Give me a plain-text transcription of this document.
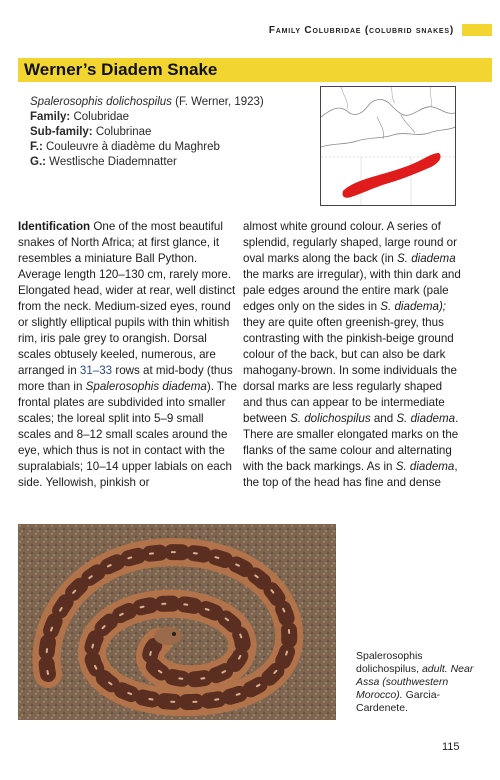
Family Colubridae (colubrid snakes)
Werner’s Diadem Snake
Spalerosophis dolichospilus (F. Werner, 1923)
Family: Colubridae
Sub-family: Colubrinae
F.: Couleuvre à diadème du Maghreb
G.: Westlische Diademnatter
Identification One of the most beautiful snakes of North Africa; at first glance, it resembles a miniature Ball Python. Average length 120–130 cm, rarely more. Elongated head, wider at rear, well distinct from the neck. Medium-sized eyes, round or slightly elliptical pupils with thin whitish rim, iris pale grey to orangish. Dorsal scales obtusely keeled, numerous, are arranged in 31–33 rows at mid-body (thus more than in Spalerosophis diadema). The frontal plates are subdivided into smaller scales; the loreal split into 5–9 small scales and 8–12 small scales around the eye, which thus is not in contact with the supralabials; 10–14 upper labials on each side. Yellowish, pinkish or
almost white ground colour. A series of splendid, regularly shaped, large round or oval marks along the back (in S. diadema the marks are irregular), with thin dark and pale edges around the entire mark (pale edges only on the sides in S. diadema); they are quite often greenish-grey, thus contrasting with the pinkish-beige ground colour of the back, but can also be dark mahogany-brown. In some individuals the dorsal marks are less regularly shaped and thus can appear to be intermediate between S. dolichospilus and S. diadema. There are smaller elongated marks on the flanks of the same colour and alternating with the back markings. As in S. diadema, the top of the head has fine and dense
Spalerosophis dolichospilus, adult. Near Assa (southwestern Morocco). Garcia-Cardenete.
115
